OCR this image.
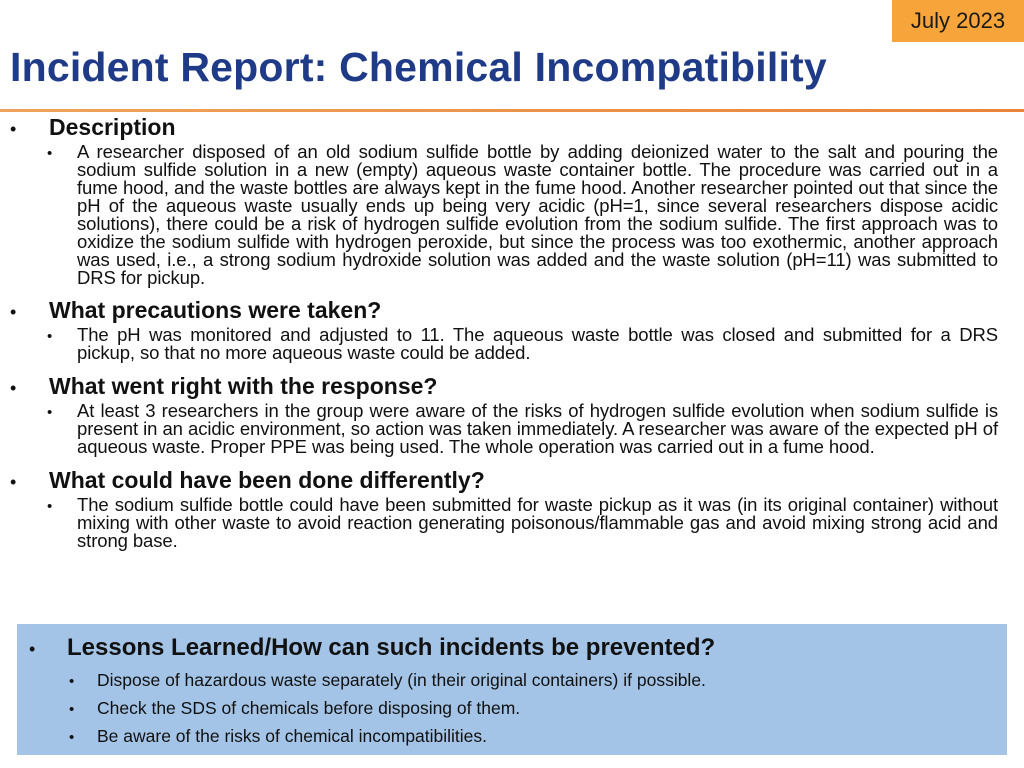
July 2023
Incident Report: Chemical Incompatibility
•	Description
•	A researcher disposed of an old sodium sulfide bottle by adding deionized water to the salt and pouring the sodium sulfide solution in a new (empty) aqueous waste container bottle. The procedure was carried out in a fume hood, and the waste bottles are always kept in the fume hood. Another researcher pointed out that since the pH of the aqueous waste usually ends up being very acidic (pH=1, since several researchers dispose acidic solutions), there could be a risk of hydrogen sulfide evolution from the sodium sulfide. The first approach was to oxidize the sodium sulfide with hydrogen peroxide, but since the process was too exothermic, another approach was used, i.e., a strong sodium hydroxide solution was added and the waste solution (pH=11) was submitted to DRS for pickup.
•	What precautions were taken?
•	The pH was monitored and adjusted to 11. The aqueous waste bottle was closed and submitted for a DRS pickup, so that no more aqueous waste could be added.
•	What went right with the response?
•	At least 3 researchers in the group were aware of the risks of hydrogen sulfide evolution when sodium sulfide is present in an acidic environment, so action was taken immediately. A researcher was aware of the expected pH of aqueous waste. Proper PPE was being used. The whole operation was carried out in a fume hood.
•	What could have been done differently?
•	The sodium sulfide bottle could have been submitted for waste pickup as it was (in its original container) without mixing with other waste to avoid reaction generating poisonous/flammable gas and avoid mixing strong acid and strong base.
•	Lessons Learned/How can such incidents be prevented?
•	Dispose of hazardous waste separately (in their original containers) if possible.
•	Check the SDS of chemicals before disposing of them.
•	Be aware of the risks of chemical incompatibilities.
